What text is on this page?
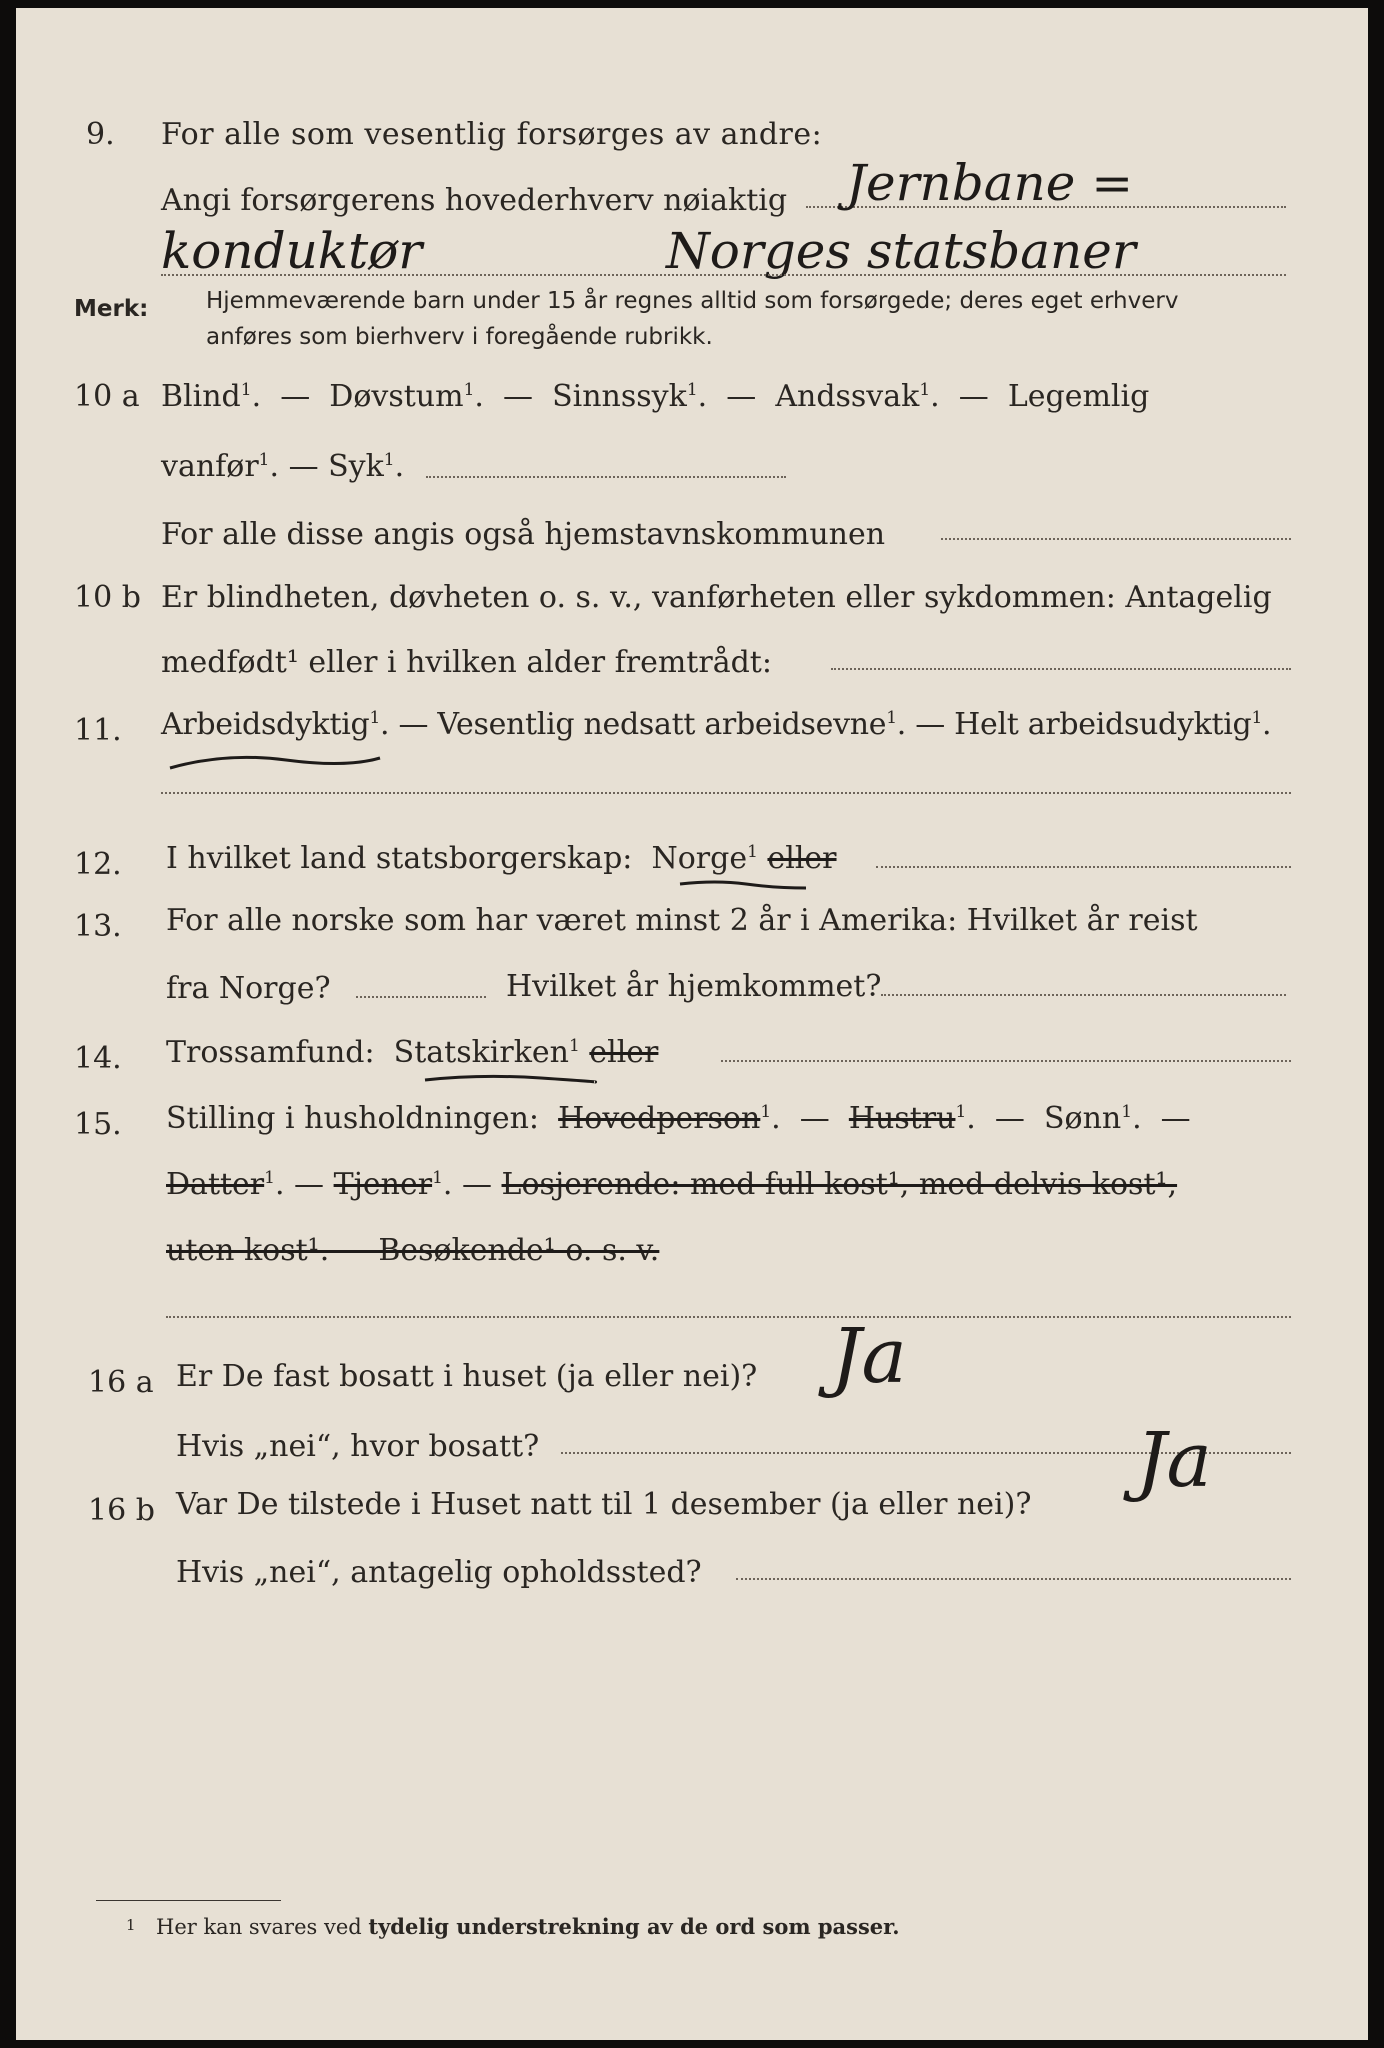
9. For alle som vesentlig forsørges av andre:
Angi forsørgerens hovederhverv nøiaktig Jernbane =
konduktør	Norges statsbaner
Merk:	Hjemmeværende barn under 15 år regnes alltid som forsørgede; deres eget erhverv
anføres som bierhverv i foregående rubrikk.
10 a Blind$^1$.  —  Døvstum$^1$.  —  Sinnssyk$^1$.  —  Andssvak$^1$.  —  Legemlig
vanfør$^1$. — Syk$^1$.
For alle disse angis også hjemstavnskommunen
10 b Er blindheten, døvheten o. s. v., vanførheten eller sykdommen: Antagelig
medfødt¹ eller i hvilken alder fremtrådt:
11. Arbeidsdyktig$^1$. — Vesentlig nedsatt arbeidsevne$^1$. — Helt arbeidsudyktig$^1$.
12. I hvilket land statsborgerskap: Norge$^1$ eller
13. For alle norske som har været minst 2 år i Amerika: Hvilket år reist
fra Norge?	Hvilket år hjemkommet?
14. Trossamfund: Statskirken$^1$ eller
15. Stilling i husholdningen: Hovedperson$^1$.  —  Hustru$^1$.  —  Sønn$^1$.  —
Datter$^1$. — Tjener$^1$. — Losjerende: med full kost¹, med delvis kost¹,
uten kost¹. — Besøkende¹ o. s. v.
16 a Er De fast bosatt i huset (ja eller nei)? Ja
Hvis „nei“, hvor bosatt?
16 b Var De tilstede i Huset natt til 1 desember (ja eller nei)?
Ja
Hvis „nei“, antagelig opholdssted?
1 Her kan svares ved tydelig understrekning av de ord som passer.
